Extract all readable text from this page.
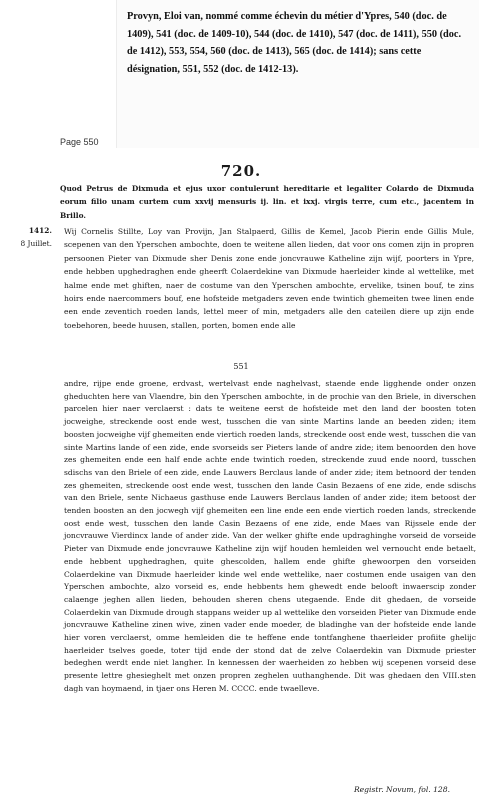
Provyn, Eloi van, nommé comme échevin du métier d'Ypres, 540 (doc. de 1409), 541 (doc. de 1409-10), 544 (doc. de 1410), 547 (doc. de 1411), 550 (doc. de 1412), 553, 554, 560 (doc. de 1413), 565 (doc. de 1414); sans cette désignation, 551, 552 (doc. de 1412-13).
Page 550
720.
Quod Petrus de Dixmuda et ejus uxor contulerunt hereditarie et legaliter Colardo de Dixmuda eorum filio unam curtem cum xxvij mensuris ij. lin. et ixxj. virgis terre, cum etc., jacentem in Brillo.
1412.
8 Juillet.
Wij Cornelis Stillte, Loy van Provijn, Jan Stalpaerd, Gillis de Kemel, Jacob Pierin ende Gillis Mule, scepenen van den Yperschen ambochte, doen te weitene allen lieden, dat voor ons comen zijn in propren persoonen Pieter van Dixmude sher Denis zone ende joncvrauwe Katheline zijn wijf, poorters in Ypre, ende hebben upghedraghen ende gheerft Colaerdekine van Dixmude haerleider kinde al wettelike, met halme ende met ghiften, naer de costume van den Yperschen ambochte, ervelike, tsinen bouf, te zins hoirs ende naercommers bouf, ene hofsteide metgaders zeven ende twintich ghemeiten twee linen ende een ende zeventich roeden lands, lettel meer of min, metgaders alle den cateilen diere up zijn ende toebehoren, beede huusen, stallen, porten, bomen ende alle
551
andre, rijpe ende groene, erdvast, wertelvast ende naghelvast, staende ende ligghende onder onzen gheduchten here van Vlaendre, bin den Yperschen ambochte, in de prochie van den Briele, in diverschen parcelen hier naer verclaerst : dats te weitene eerst de hofsteide met den land der boosten toten jocweighe, streckende oost ende west, tusschen die van sinte Martins lande an beeden ziden; item boosten jocweighe vijf ghemeiten ende viertich roeden lands, streckende oost ende west, tusschen die van sinte Martins lande of een zide, ende svorseids ser Pieters lande of andre zide; item benoorden den hove zes ghemeiten ende een half ende achte ende twintich roeden, streckende zuud ende noord, tusschen sdischs van den Briele of een zide, ende Lauwers Berclaus lande of ander zide; item betnoord der tenden zes ghemeiten, streckende oost ende west, tusschen den lande Casin Bezaens of ene zide, ende sdischs van den Briele, sente Nichaeus gasthuse ende Lauwers Berclaus landen of ander zide; item betoost der tenden boosten an den jocwegh vijf ghemeiten een line ende een ende viertich roeden lands, streckende oost ende west, tusschen den lande Casin Bezaens of ene zide, ende Maes van Rijssele ende der joncvrauwe Vierdincx lande of ander zide. Van der welker ghifte ende updraghinghe vorseid de vorseide Pieter van Dixmude ende joncvrauwe Katheline zijn wijf houden hemleiden wel vernoucht ende betaelt, ende hebbent upghedraghen, quite ghescolden, hallem ende ghifte ghewoorpen den vorseiden Colaerdekine van Dixmude haerleider kinde wel ende wettelike, naer costumen ende usaigen van den Yperschen ambochte, alzo vorseid es, ende hebbents hem ghewedt ende belooft inwaerscip zonder calaenge jeghen allen lieden, behouden sheren chens utegaende. Ende dit ghedaen, de vorseide Colaerdekin van Dixmude drough stappans weider up al wettelike den vorseiden Pieter van Dixmude ende joncvrauwe Katheline zinen wive, zinen vader ende moeder, de bladinghe van der hofsteide ende lande hier voren verclaerst, omme hemleiden die te heffene ende tontfanghene thaerleider profiite ghelijc haerleider tselves goede, toter tijd ende der stond dat de zelve Colaerdekin van Dixmude priester bedeghen werdt ende niet langher. In kennessen der waerheiden zo hebben wij scepenen vorseid dese presente lettre ghesieghelt met onzen propren zeghelen uuthanghende. Dit was ghedaen den VIII.sten dagh van hoymaend, in tjaer ons Heren M. CCCC. ende twaelleve.
Registr. Novum, fol. 128.
